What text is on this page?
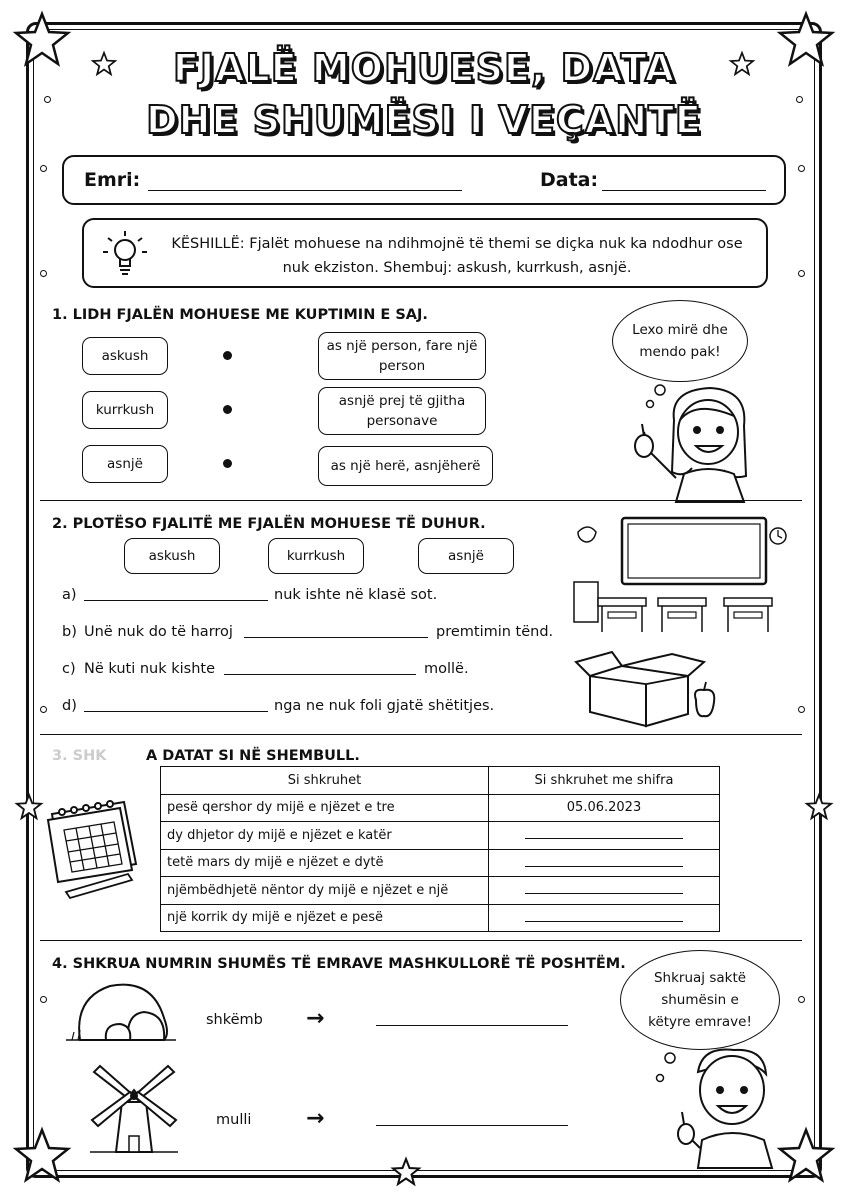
FJALË MOHUESE, DATA
DHE SHUMËSI I VEÇANTË
Emri:	Data:
KËSHILLË: Fjalët mohuese na ndihmojnë të themi se diçka nuk ka ndodhur ose nuk ekziston. Shembuj: askush, kurrkush, asnjë.
1. LIDH FJALËN MOHUESE ME KUPTIMIN E SAJ.
askush
kurrkush
asnjë
as një person, fare një person
asnjë prej të gjitha personave
as një herë, asnjëherë
Lexo mirë dhe mendo pak!
2. PLOTËSO FJALITË ME FJALËN MOHUESE TË DUHUR.
askush	kurrkush	asnjë
a)	nuk ishte në klasë sot.
b) Unë nuk do të harroj	premtimin tënd.
c) Në kuti nuk kishte	mollë.
d)	nga ne nuk foli gjatë shëtitjes.
3. SHK	A DATAT SI NË SHEMBULL.
Si shkruhet	Si shkruhet me shifra
pesë qershor dy mijë e njëzet e tre	05.06.2023
dy dhjetor dy mijë e njëzet e katër	
tetë mars dy mijë e njëzet e dytë	
njëmbëdhjetë nëntor dy mijë e njëzet e një	
një korrik dy mijë e njëzet e pesë	
4. SHKRUA NUMRIN SHUMËS TË EMRAVE MASHKULLORË TË POSHTËM.
shkëmb →
mulli →
Shkruaj saktë shumësin e këtyre emrave!
